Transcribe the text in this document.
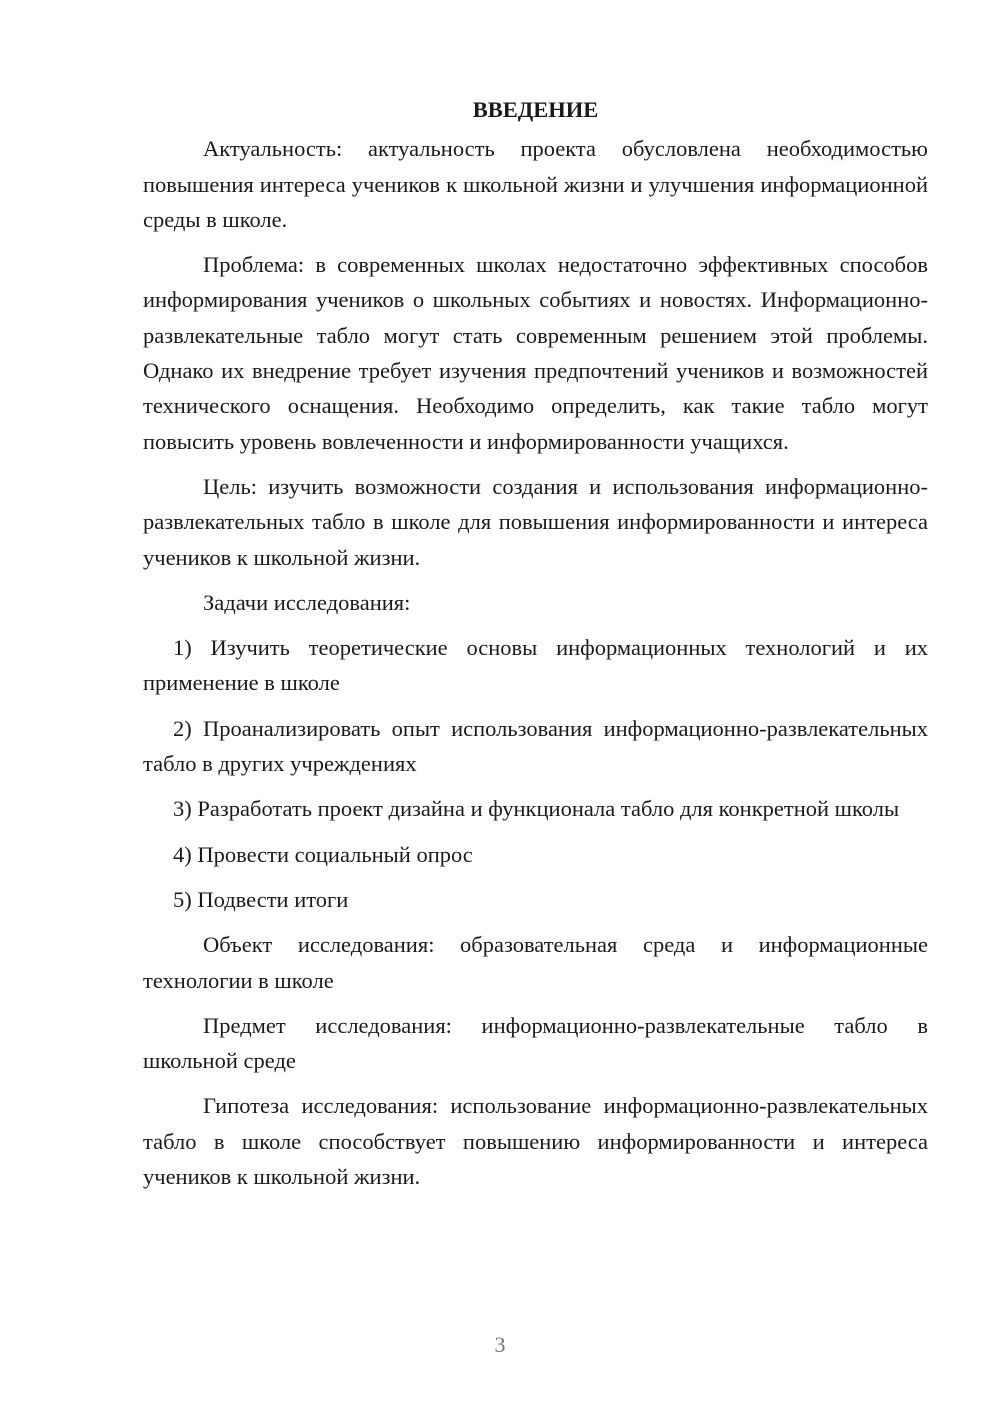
ВВЕДЕНИЕ

Актуальность: актуальность проекта обусловлена необходимостью повышения интереса учеников к школьной жизни и улучшения информационной среды в школе.

Проблема: в современных школах недостаточно эффективных способов информирования учеников о школьных событиях и новостях. Информационно-развлекательные табло могут стать современным решением этой проблемы. Однако их внедрение требует изучения предпочтений учеников и возможностей технического оснащения. Необходимо определить, как такие табло могут повысить уровень вовлеченности и информированности учащихся.

Цель: изучить возможности создания и использования информационно-развлекательных табло в школе для повышения информированности и интереса учеников к школьной жизни.

Задачи исследования:

1) Изучить теоретические основы информационных технологий и их применение в школе

2) Проанализировать опыт использования информационно-развлекательных табло в других учреждениях

3) Разработать проект дизайна и функционала табло для конкретной школы

4) Провести социальный опрос

5) Подвести итоги

Объект исследования: образовательная среда и информационные технологии в школе

Предмет исследования: информационно-развлекательные табло в школьной среде

Гипотеза исследования: использование информационно-развлекательных табло в школе способствует повышению информированности и интереса учеников к школьной жизни.

3
